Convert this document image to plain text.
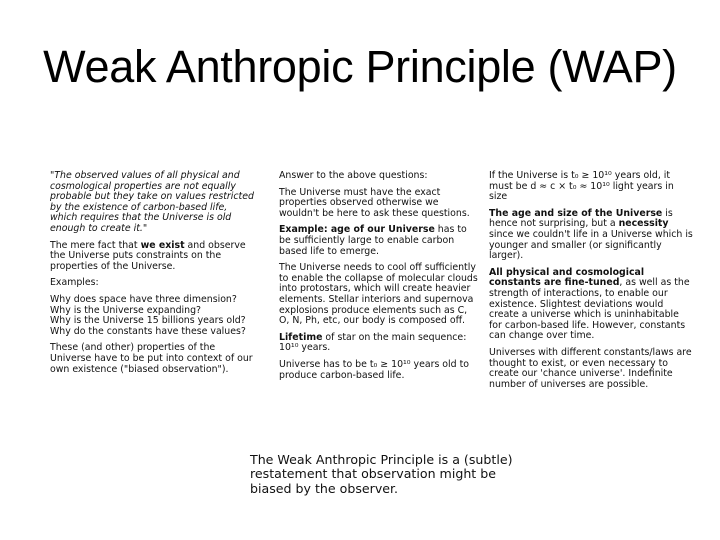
Weak Anthropic Principle (WAP)

"The observed values of all physical and cosmological properties are not equally probable but they take on values restricted by the existence of carbon-based life, which requires that the Universe is old enough to create it."

The mere fact that we exist and observe the Universe puts constraints on the properties of the Universe.

Examples:

Why does space have three dimension?
Why is the Universe expanding?
Why is the Universe 15 billions years old?
Why do the constants have these values?

These (and other) properties of the Universe have to be put into context of our own existence ("biased observation").

Answer to the above questions:

The Universe must have the exact properties observed otherwise we wouldn't be here to ask these questions.

Example: age of our Universe has to be sufficiently large to enable carbon based life to emerge.

The Universe needs to cool off sufficiently to enable the collapse of molecular clouds into protostars, which will create heavier elements. Stellar interiors and supernova explosions produce elements such as C, O, N, Ph, etc, our body is composed off.

Lifetime of star on the main sequence: 10¹⁰ years.

Universe has to be t₀ ≥ 10¹⁰ years old to produce carbon-based life.

If the Universe is t₀ ≥ 10¹⁰ years old, it must be d ≈ c × t₀ ≈ 10¹⁰ light years in size

The age and size of the Universe is hence not surprising, but a necessity since we couldn't life in a Universe which is younger and smaller (or significantly larger).

All physical and cosmological constants are fine-tuned, as well as the strength of interactions, to enable our existence. Slightest deviations would create a universe which is uninhabitable for carbon-based life. However, constants can change over time.

Universes with different constants/laws are thought to exist, or even necessary to create our 'chance universe'. Indefinite number of universes are possible.

The Weak Anthropic Principle is a (subtle) restatement that observation might be biased by the observer.
